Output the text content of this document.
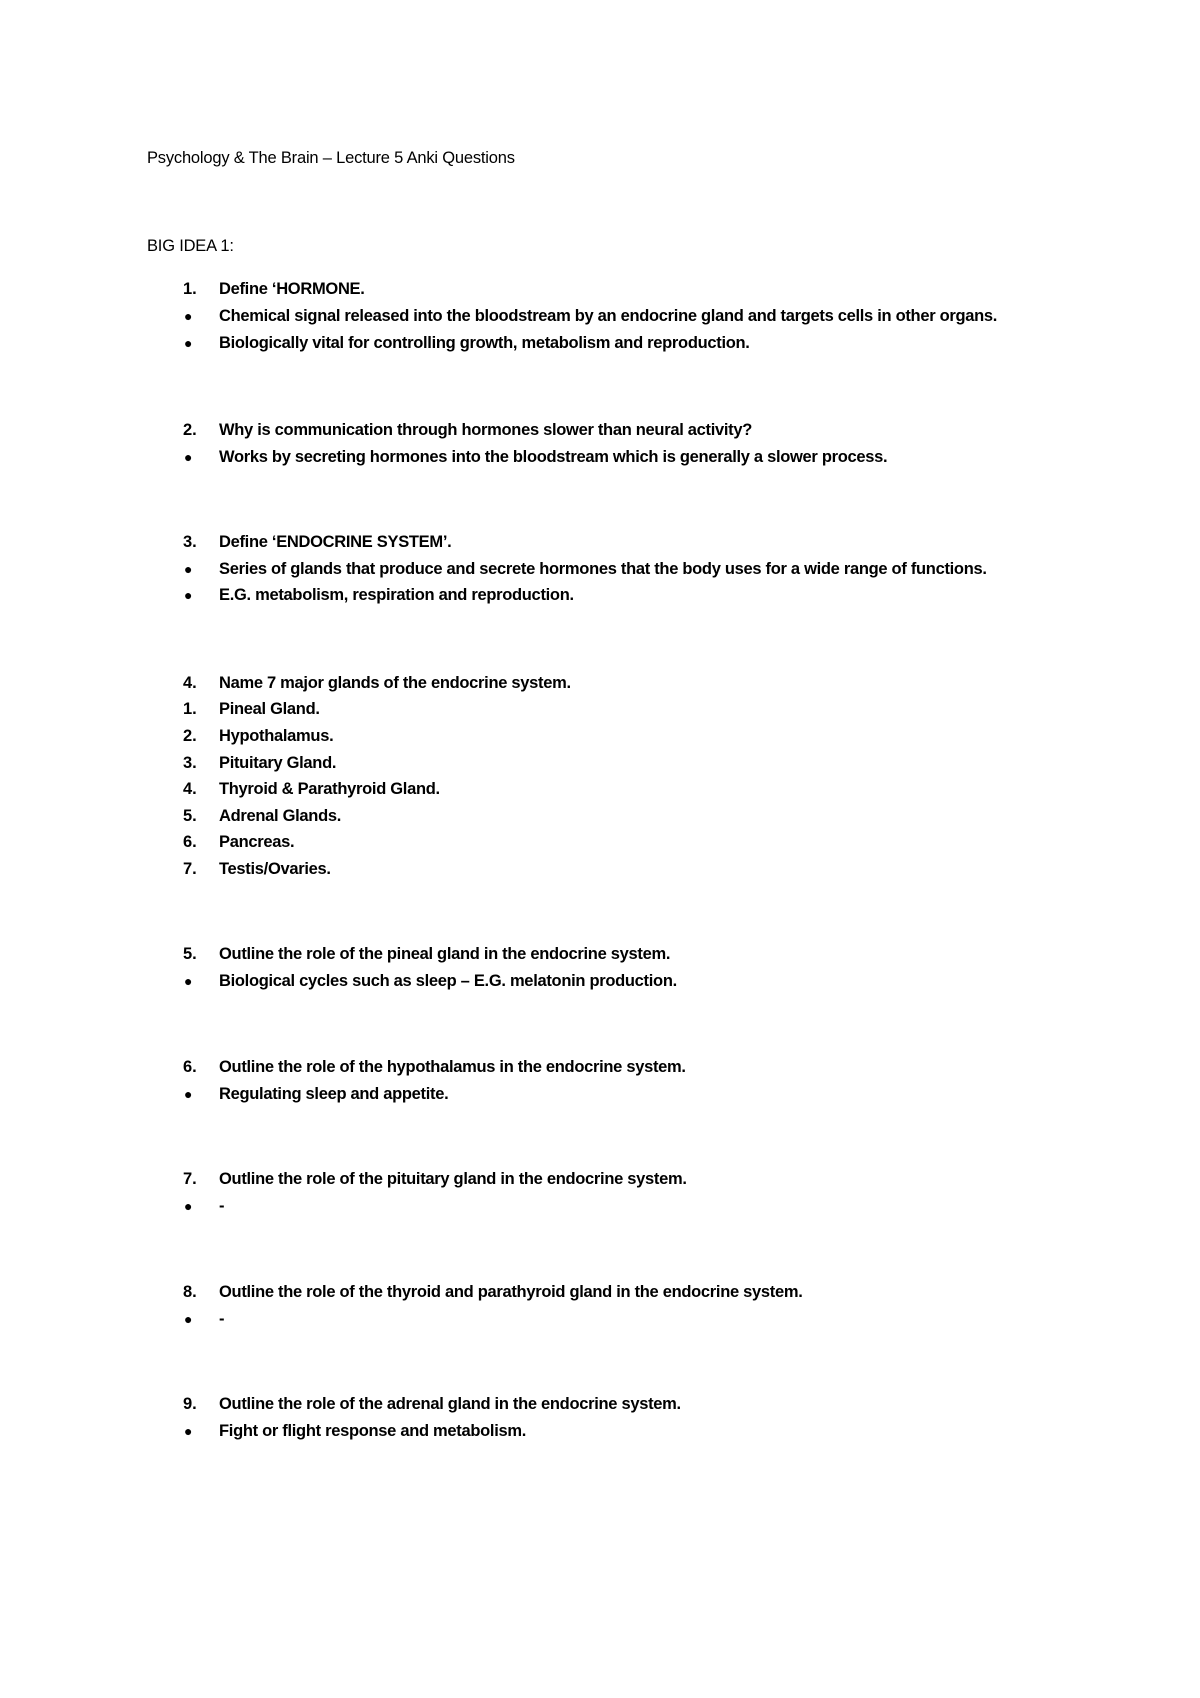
Psychology & The Brain – Lecture 5 Anki Questions
BIG IDEA 1:
1. Define ‘HORMONE.
● Chemical signal released into the bloodstream by an endocrine gland and targets cells in other organs.
● Biologically vital for controlling growth, metabolism and reproduction.
2. Why is communication through hormones slower than neural activity?
● Works by secreting hormones into the bloodstream which is generally a slower process.
3. Define ‘ENDOCRINE SYSTEM’.
● Series of glands that produce and secrete hormones that the body uses for a wide range of functions.
● E.G. metabolism, respiration and reproduction.
4. Name 7 major glands of the endocrine system.
1. Pineal Gland.
2. Hypothalamus.
3. Pituitary Gland.
4. Thyroid & Parathyroid Gland.
5. Adrenal Glands.
6. Pancreas.
7. Testis/Ovaries.
5. Outline the role of the pineal gland in the endocrine system.
● Biological cycles such as sleep – E.G. melatonin production.
6. Outline the role of the hypothalamus in the endocrine system.
● Regulating sleep and appetite.
7. Outline the role of the pituitary gland in the endocrine system.
● -
8. Outline the role of the thyroid and parathyroid gland in the endocrine system.
● -
9. Outline the role of the adrenal gland in the endocrine system.
● Fight or flight response and metabolism.
